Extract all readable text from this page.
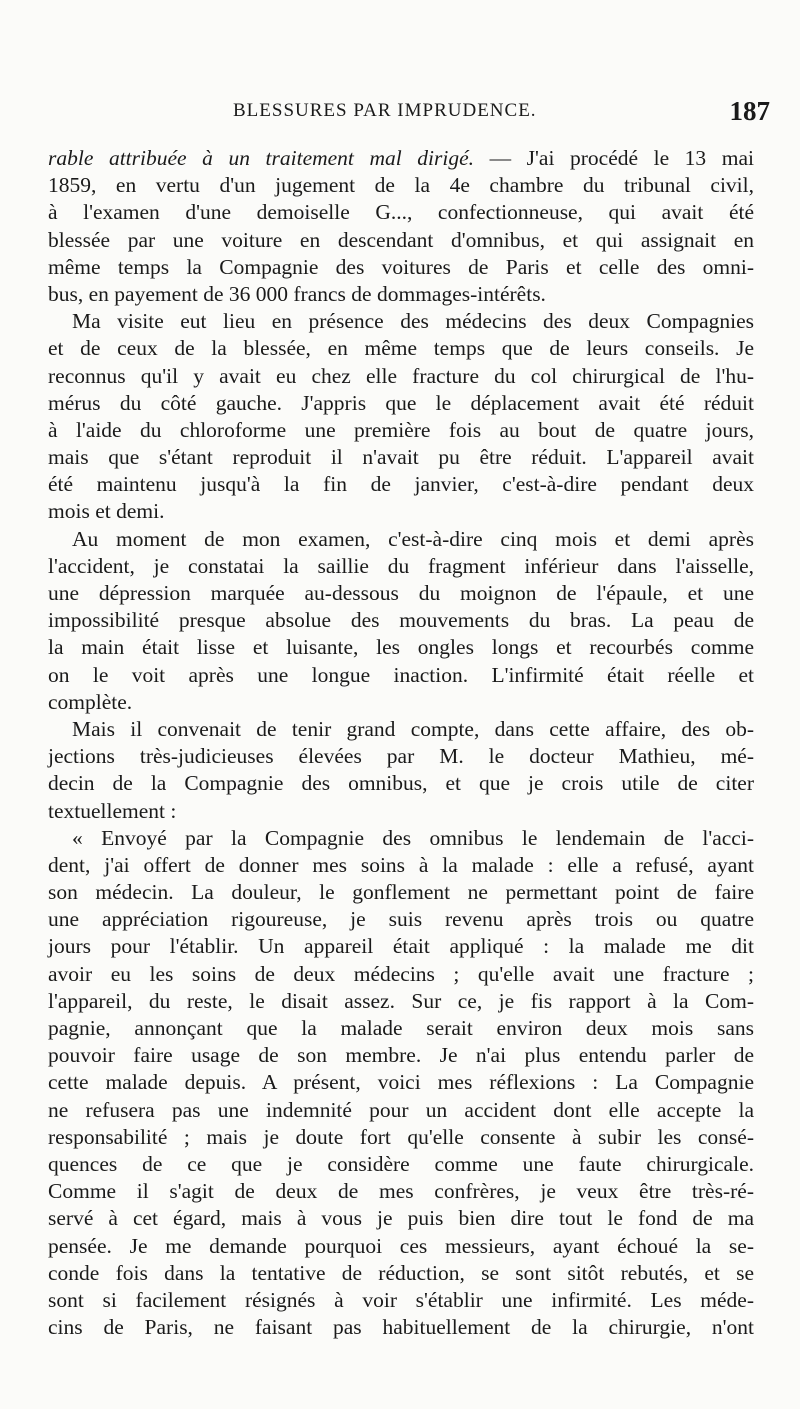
BLESSURES PAR IMPRUDENCE.	187
rable attribuée à un traitement mal dirigé. — J'ai procédé le 13 mai
1859, en vertu d'un jugement de la 4e chambre du tribunal civil,
à l'examen d'une demoiselle G..., confectionneuse, qui avait été
blessée par une voiture en descendant d'omnibus, et qui assignait en
même temps la Compagnie des voitures de Paris et celle des omni-
bus, en payement de 36 000 francs de dommages-intérêts.
Ma visite eut lieu en présence des médecins des deux Compagnies
et de ceux de la blessée, en même temps que de leurs conseils. Je
reconnus qu'il y avait eu chez elle fracture du col chirurgical de l'hu-
mérus du côté gauche. J'appris que le déplacement avait été réduit
à l'aide du chloroforme une première fois au bout de quatre jours,
mais que s'étant reproduit il n'avait pu être réduit. L'appareil avait
été maintenu jusqu'à la fin de janvier, c'est-à-dire pendant deux
mois et demi.
Au moment de mon examen, c'est-à-dire cinq mois et demi après
l'accident, je constatai la saillie du fragment inférieur dans l'aisselle,
une dépression marquée au-dessous du moignon de l'épaule, et une
impossibilité presque absolue des mouvements du bras. La peau de
la main était lisse et luisante, les ongles longs et recourbés comme
on le voit après une longue inaction. L'infirmité était réelle et
complète.
Mais il convenait de tenir grand compte, dans cette affaire, des ob-
jections très-judicieuses élevées par M. le docteur Mathieu, mé-
decin de la Compagnie des omnibus, et que je crois utile de citer
textuellement :
« Envoyé par la Compagnie des omnibus le lendemain de l'acci-
dent, j'ai offert de donner mes soins à la malade : elle a refusé, ayant
son médecin. La douleur, le gonflement ne permettant point de faire
une appréciation rigoureuse, je suis revenu après trois ou quatre
jours pour l'établir. Un appareil était appliqué : la malade me dit
avoir eu les soins de deux médecins ; qu'elle avait une fracture ;
l'appareil, du reste, le disait assez. Sur ce, je fis rapport à la Com-
pagnie, annonçant que la malade serait environ deux mois sans
pouvoir faire usage de son membre. Je n'ai plus entendu parler de
cette malade depuis. A présent, voici mes réflexions : La Compagnie
ne refusera pas une indemnité pour un accident dont elle accepte la
responsabilité ; mais je doute fort qu'elle consente à subir les consé-
quences de ce que je considère comme une faute chirurgicale.
Comme il s'agit de deux de mes confrères, je veux être très-ré-
servé à cet égard, mais à vous je puis bien dire tout le fond de ma
pensée. Je me demande pourquoi ces messieurs, ayant échoué la se-
conde fois dans la tentative de réduction, se sont sitôt rebutés, et se
sont si facilement résignés à voir s'établir une infirmité. Les méde-
cins de Paris, ne faisant pas habituellement de la chirurgie, n'ont
